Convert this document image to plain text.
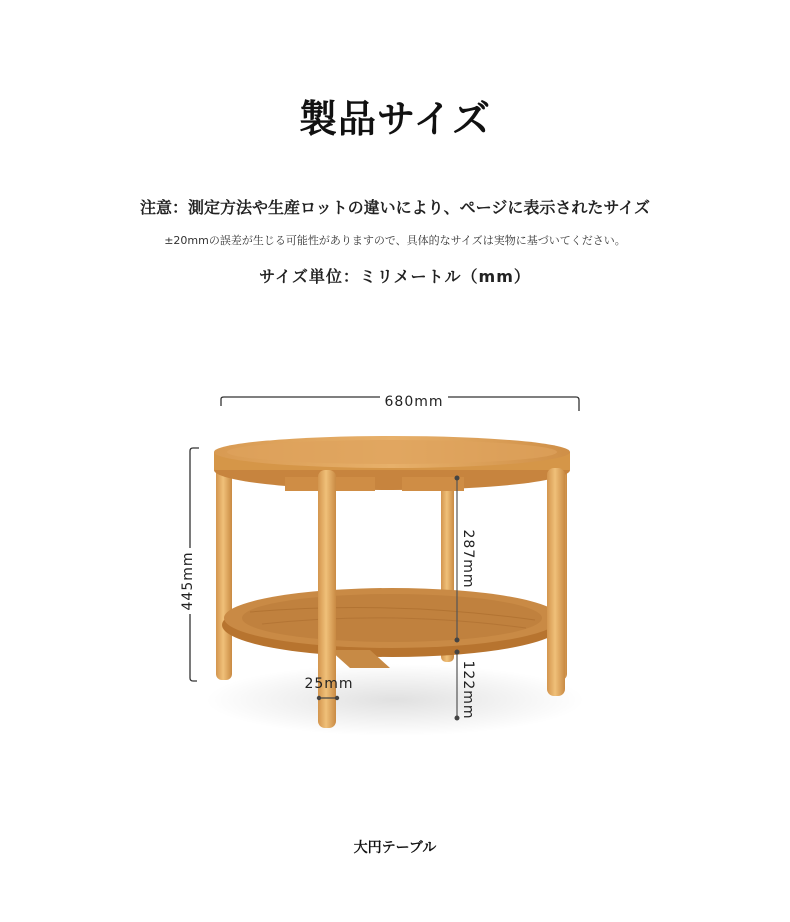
製品サイズ
注意：測定方法や生産ロットの違いにより、ページに表示されたサイズ
±20mmの誤差が生じる可能性がありますので、具体的なサイズは実物に基づいてください。
サイズ単位：ミリメートル（mm）
680mm
445mm	287mm
122mm
25mm
大円テーブル
